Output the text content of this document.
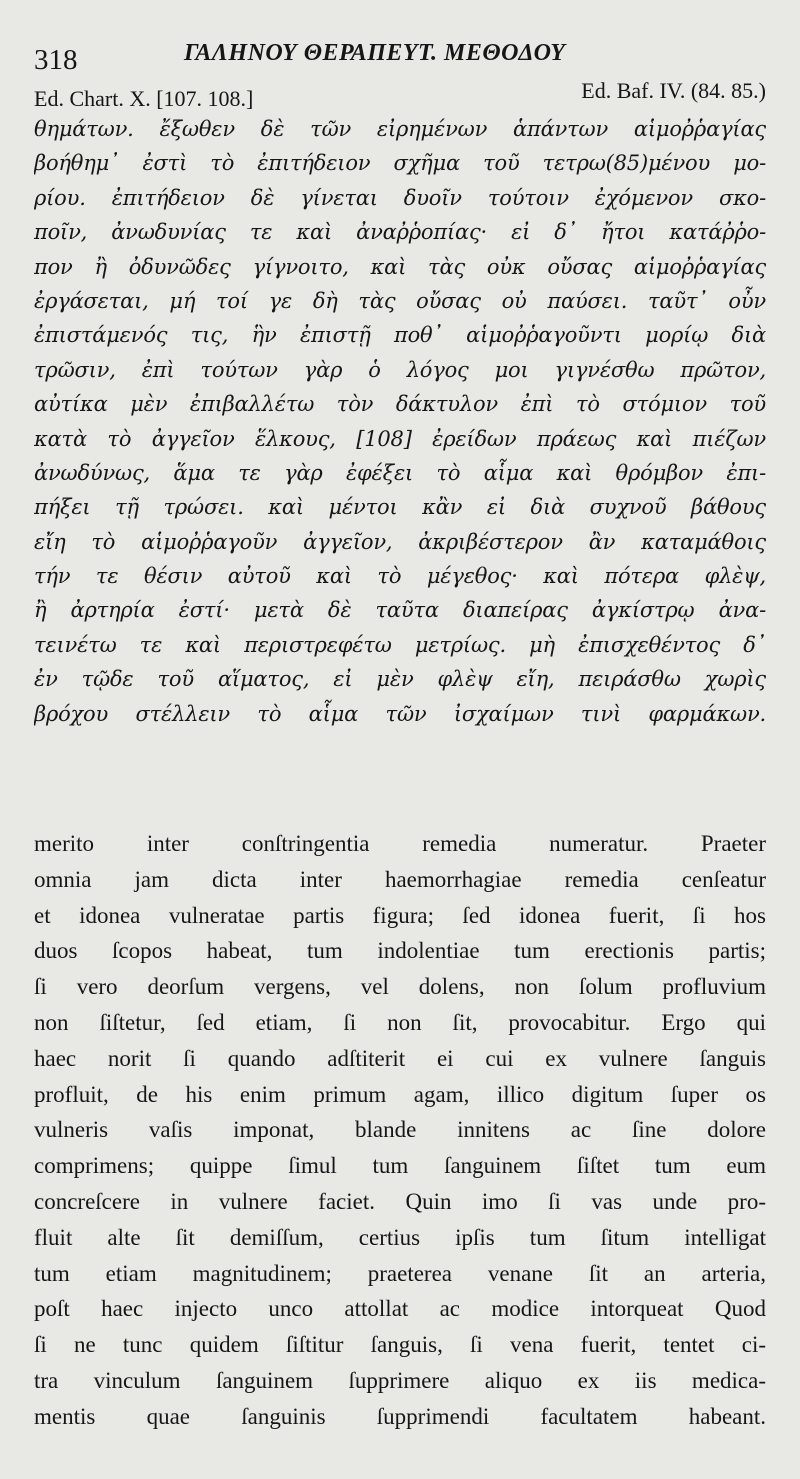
318	ΓΑΛΗΝΟΥ ΘΕΡΑΠΕΥΤ. ΜΕΘΟΔΟΥ
Ed. Chart. X. [107. 108.]	Ed. Baf. IV. (84. 85.)
θημάτων. ἔξωθεν δὲ τῶν εἰρημένων ἁπάντων αἱμοῤῥαγίας
βοήθημ᾽ ἐστὶ τὸ ἐπιτήδειον σχῆμα τοῦ τετρω(85)μένου μο-
ρίου. ἐπιτήδειον δὲ γίνεται δυοῖν τούτοιν ἐχόμενον σκο-
ποῖν, ἀνωδυνίας τε καὶ ἀναῤῥοπίας· εἰ δ᾽ ἤτοι κατάῤῥο-
πον ἢ ὀδυνῶδες γίγνοιτο, καὶ τὰς οὐκ οὔσας αἱμοῤῥαγίας
ἐργάσεται, μή τοί γε δὴ τὰς οὔσας οὐ παύσει. ταῦτ᾽ οὖν
ἐπιστάμενός τις, ἣν ἐπιστῇ ποθ᾽ αἱμοῤῥαγοῦντι μορίῳ διὰ
τρῶσιν, ἐπὶ τούτων γὰρ ὁ λόγος μοι γιγνέσθω πρῶτον,
αὐτίκα μὲν ἐπιβαλλέτω τὸν δάκτυλον ἐπὶ τὸ στόμιον τοῦ
κατὰ τὸ ἀγγεῖον ἕλκους, [108] ἐρείδων πράεως καὶ πιέζων
ἀνωδύνως, ἅμα τε γὰρ ἐφέξει τὸ αἷμα καὶ θρόμβον ἐπι-
πήξει τῇ τρώσει. καὶ μέντοι κἂν εἰ διὰ συχνοῦ βάθους
εἴη τὸ αἱμοῤῥαγοῦν ἀγγεῖον, ἀκριβέστερον ἂν καταμάθοις
τήν τε θέσιν αὐτοῦ καὶ τὸ μέγεθος· καὶ πότερα φλὲψ,
ἢ ἀρτηρία ἐστί· μετὰ δὲ ταῦτα διαπείρας ἀγκίστρῳ ἀνα-
τεινέτω τε καὶ περιστρεφέτω μετρίως. μὴ ἐπισχεθέντος δ᾽
ἐν τῷδε τοῦ αἵματος, εἰ μὲν φλὲψ εἴη, πειράσθω χωρὶς
βρόχου στέλλειν τὸ αἷμα τῶν ἰσχαίμων τινὶ φαρμάκων.
merito inter conſtringentia remedia numeratur. Praeter
omnia jam dicta inter haemorrhagiae remedia cenſeatur
et idonea vulneratae partis figura; ſed idonea fuerit, ſi hos
duos ſcopos habeat, tum indolentiae tum erectionis partis;
ſi vero deorſum vergens, vel dolens, non ſolum profluvium
non ſiſtetur, ſed etiam, ſi non ſit, provocabitur. Ergo qui
haec norit ſi quando adſtiterit ei cui ex vulnere ſanguis
profluit, de his enim primum agam, illico digitum ſuper os
vulneris vaſis imponat, blande innitens ac ſine dolore
comprimens; quippe ſimul tum ſanguinem ſiſtet tum eum
concreſcere in vulnere faciet. Quin imo ſi vas unde pro-
fluit alte ſit demiſſum, certius ipſis tum ſitum intelligat
tum etiam magnitudinem; praeterea venane ſit an arteria,
poſt haec injecto unco attollat ac modice intorqueat Quod
ſi ne tunc quidem ſiſtitur ſanguis, ſi vena fuerit, tentet ci-
tra vinculum ſanguinem ſupprimere aliquo ex iis medica-
mentis quae ſanguinis ſupprimendi facultatem habeant.
